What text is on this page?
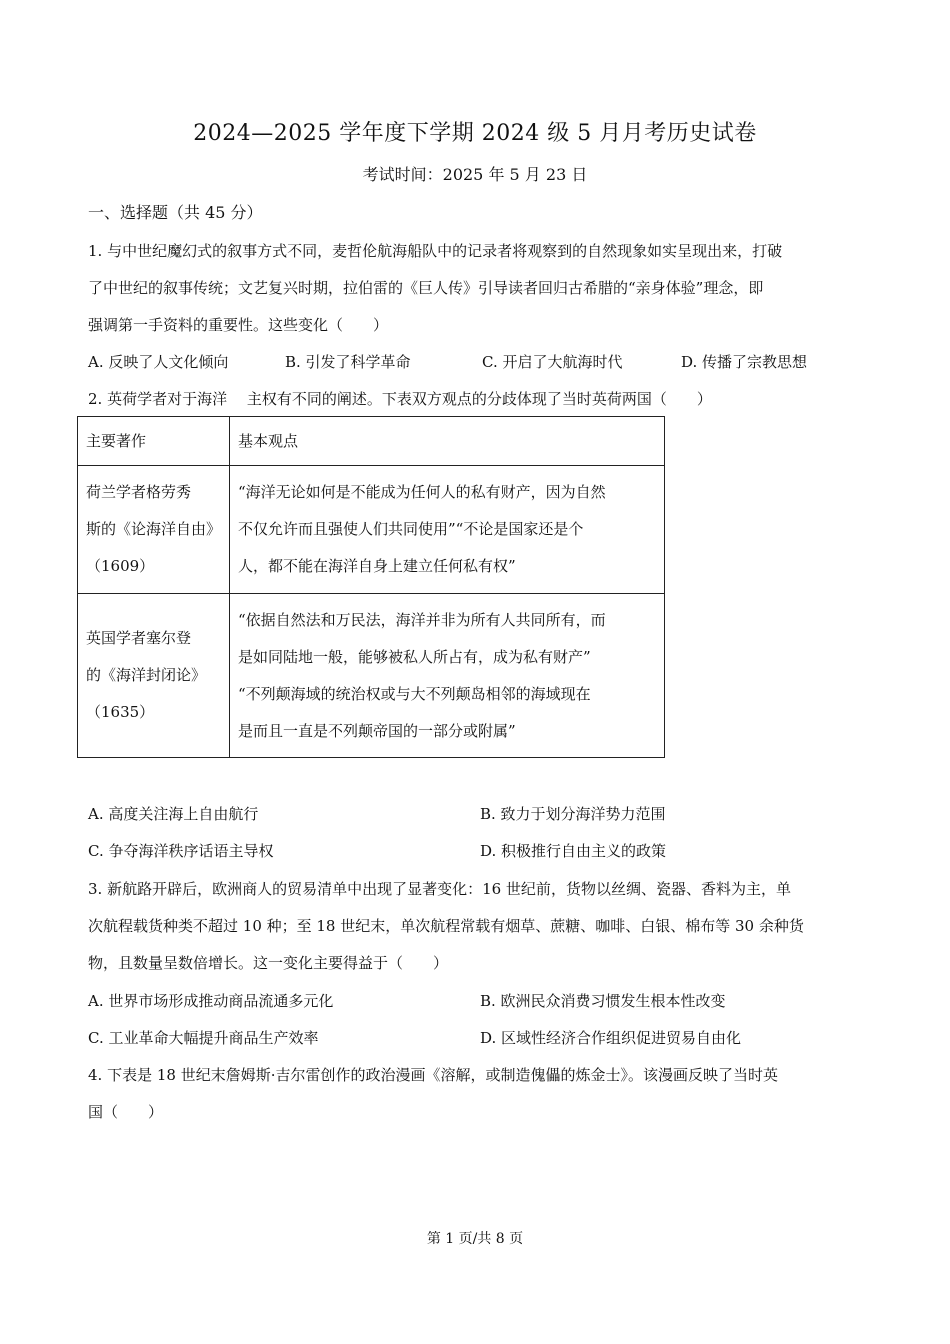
2024—2025 学年度下学期 2024 级 5 月月考历史试卷
考试时间：2025 年 5 月 23 日
一、选择题（共 45 分）
1. 与中世纪魔幻式的叙事方式不同，麦哲伦航海船队中的记录者将观察到的自然现象如实呈现出来，打破
了中世纪的叙事传统；文艺复兴时期，拉伯雷的《巨人传》引导读者回归古希腊的“亲身体验”理念，即
强调第一手资料的重要性。这些变化（　　）
A. 反映了人文化倾向	B. 引发了科学革命	C. 开启了大航海时代	D. 传播了宗教思想
2. 英荷学者对于海洋　 主权有不同的阐述。下表双方观点的分歧体现了当时英荷两国（　　）
主要著作	基本观点

荷兰学者格劳秀
斯的《论海洋自由》
（1609）	“海洋无论如何是不能成为任何人的私有财产，因为自然
不仅允许而且强使人们共同使用”“不论是国家还是个
人，都不能在海洋自身上建立任何私有权”

英国学者塞尔登
的《海洋封闭论》
（1635）	“依据自然法和万民法，海洋并非为所有人共同所有，而
是如同陆地一般，能够被私人所占有，成为私有财产”
“不列颠海域的统治权或与大不列颠岛相邻的海域现在
是而且一直是不列颠帝国的一部分或附属”
A. 高度关注海上自由航行	B. 致力于划分海洋势力范围
C. 争夺海洋秩序话语主导权	D. 积极推行自由主义的政策
3. 新航路开辟后，欧洲商人的贸易清单中出现了显著变化：16 世纪前，货物以丝绸、瓷器、香料为主，单
次航程载货种类不超过 10 种；至 18 世纪末，单次航程常载有烟草、蔗糖、咖啡、白银、棉布等 30 余种货
物，且数量呈数倍增长。这一变化主要得益于（　　）
A. 世界市场形成推动商品流通多元化	B. 欧洲民众消费习惯发生根本性改变
C. 工业革命大幅提升商品生产效率	D. 区域性经济合作组织促进贸易自由化
4. 下表是 18 世纪末詹姆斯·吉尔雷创作的政治漫画《溶解，或制造傀儡的炼金士》。该漫画反映了当时英
国（　　）
第 1 页/共 8 页
